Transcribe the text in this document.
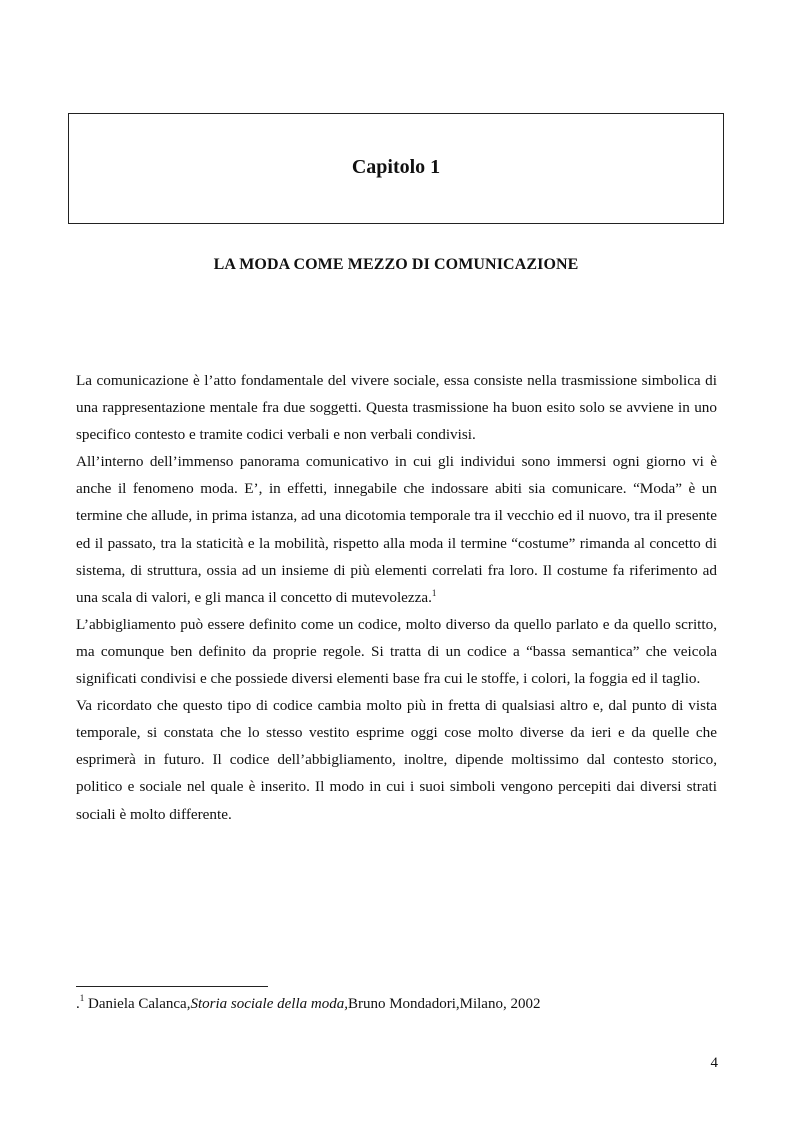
Capitolo 1
LA MODA COME MEZZO DI COMUNICAZIONE

La comunicazione è l’atto fondamentale del vivere sociale, essa consiste nella trasmissione simbolica di una rappresentazione mentale fra due soggetti. Questa trasmissione ha buon esito solo se avviene in uno specifico contesto e tramite codici verbali e non verbali condivisi.

All’interno dell’immenso panorama comunicativo in cui gli individui sono immersi ogni giorno vi è anche il fenomeno moda. E’, in effetti, innegabile che indossare abiti sia comunicare. “Moda” è un termine che allude, in prima istanza, ad una dicotomia temporale tra il vecchio ed il nuovo, tra il presente ed il passato, tra la staticità e la mobilità, rispetto alla moda il termine “costume” rimanda al concetto di sistema, di struttura, ossia ad un insieme di più elementi correlati fra loro. Il costume fa riferimento ad una scala di valori, e gli manca il concetto di mutevolezza.$^1$

L’abbigliamento può essere definito come un codice, molto diverso da quello parlato e da quello scritto, ma comunque ben definito da proprie regole. Si tratta di un codice a “bassa semantica” che veicola significati condivisi e che possiede diversi elementi base fra cui le stoffe, i colori, la foggia ed il taglio.

Va ricordato che questo tipo di codice cambia molto più in fretta di qualsiasi altro e, dal punto di vista temporale, si constata che lo stesso vestito esprime oggi cose molto diverse da ieri e da quelle che esprimerà in futuro. Il codice dell’abbigliamento, inoltre, dipende moltissimo dal contesto storico, politico e sociale nel quale è inserito. Il modo in cui i suoi simboli vengono percepiti dai diversi strati sociali è molto differente.

.$^1$ Daniela Calanca,Storia sociale della moda,Bruno Mondadori,Milano, 2002
4
